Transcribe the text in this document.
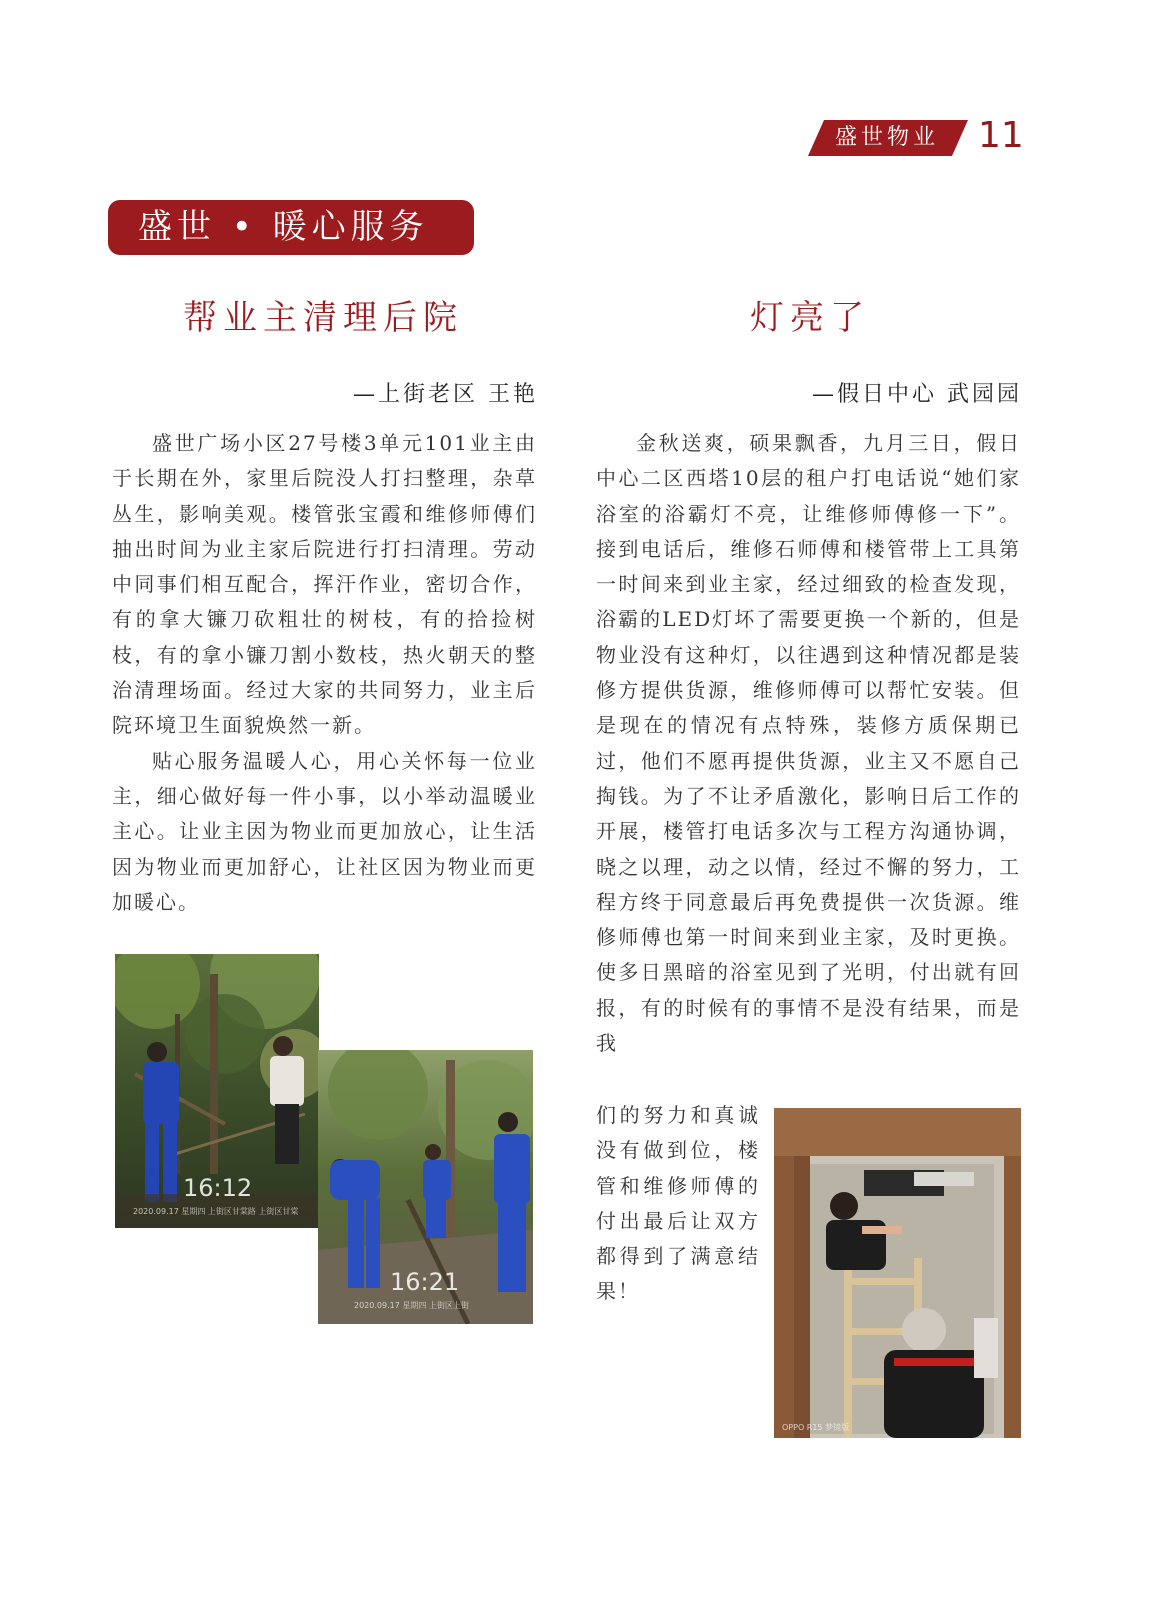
盛世物业	11
盛世 • 暖心服务
帮业主清理后院
—上街老区 王艳

盛世广场小区27号楼3单元101业主由于长期在外，家里后院没人打扫整理，杂草丛生，影响美观。楼管张宝霞和维修师傅们抽出时间为业主家后院进行打扫清理。劳动中同事们相互配合，挥汗作业，密切合作，有的拿大镰刀砍粗壮的树枝，有的拾捡树枝，有的拿小镰刀割小数枝，热火朝天的整治清理场面。经过大家的共同努力，业主后院环境卫生面貌焕然一新。

贴心服务温暖人心，用心关怀每一位业主，细心做好每一件小事，以小举动温暖业主心。让业主因为物业而更加放心，让生活因为物业而更加舒心，让社区因为物业而更加暖心。

16:12
2020.09.17 星期四 上街区甘棠路 上街区甘棠
16:21
2020.09.17 星期四 上街区上街
灯亮了
—假日中心 武园园

金秋送爽，硕果飘香，九月三日，假日中心二区西塔10层的租户打电话说“她们家浴室的浴霸灯不亮，让维修师傅修一下”。接到电话后，维修石师傅和楼管带上工具第一时间来到业主家，经过细致的检查发现，浴霸的LED灯坏了需要更换一个新的，但是物业没有这种灯，以往遇到这种情况都是装修方提供货源，维修师傅可以帮忙安装。但是现在的情况有点特殊，装修方质保期已过，他们不愿再提供货源，业主又不愿自己掏钱。为了不让矛盾激化，影响日后工作的开展，楼管打电话多次与工程方沟通协调，晓之以理，动之以情，经过不懈的努力，工程方终于同意最后再免费提供一次货源。维修师傅也第一时间来到业主家，及时更换。使多日黑暗的浴室见到了光明，付出就有回报，有的时候有的事情不是没有结果，而是我

们的努力和真诚没有做到位，楼管和维修师傅的付出最后让双方都得到了满意结果！

OPPO R15 梦镜版
